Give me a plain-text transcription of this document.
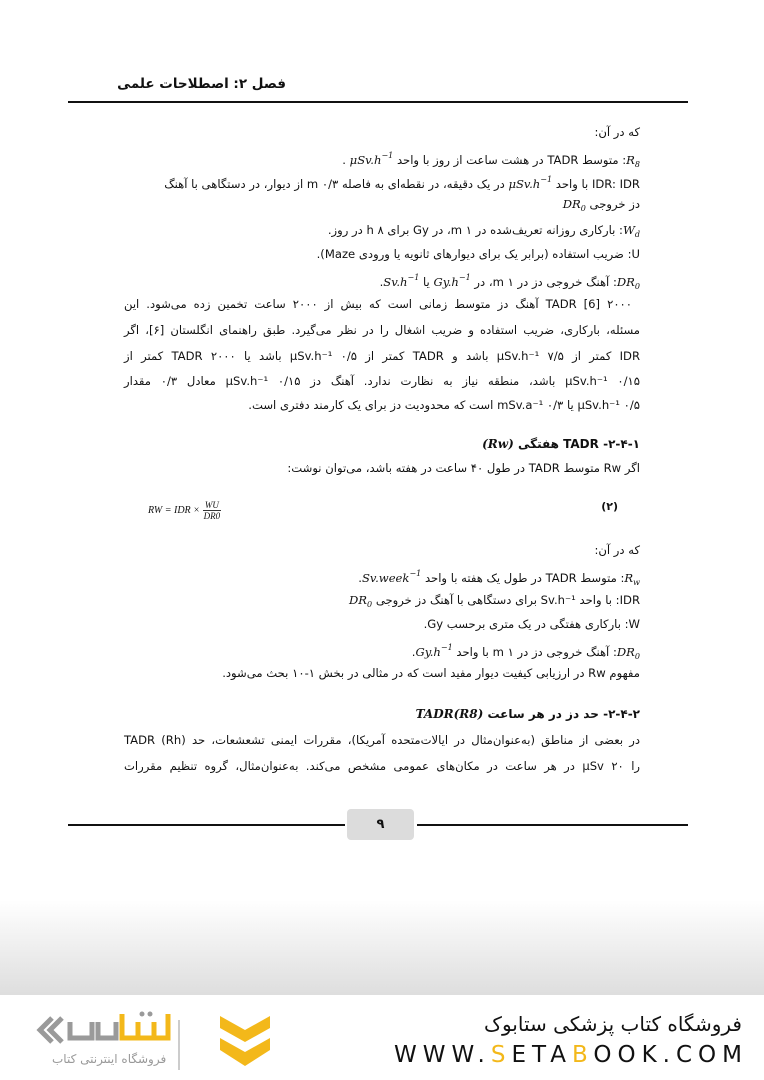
فصل ۲: اصطلاحات علمی
که در آن:
$R_8$: متوسط TADR در هشت ساعت از روز با واحد $\mu Sv.h^{-1}$ .
IDR: IDR با واحد $\mu Sv.h^{-1}$ در یک دقیقه، در نقطه‌ای به فاصله ۰/۳ m از دیوار، در دستگاهی با آهنگ
دز خروجی $DR_0$
$W_d$: بارکاری روزانه تعریف‌شده در ۱ m، در Gy برای ۸ h در روز.
U: ضریب استفاده (برابر یک برای دیوارهای ثانویه یا ورودی Maze).
$DR_0$: آهنگ خروجی دز در ۱ m، در $Gy.h^{-1}$ یا $Sv.h^{-1}$.
۲۰۰۰ TADR [6] آهنگ دز متوسط زمانی است که بیش از ۲۰۰۰ ساعت تخمین زده می‌شود. این
مسئله، بارکاری، ضریب استفاده و ضریب اشغال را در نظر می‌گیرد. طبق راهنمای انگلستان [۶]، اگر
IDR کمتر از ۷/۵ μSv.h⁻¹ باشد و TADR کمتر از ۰/۵ μSv.h⁻¹ باشد یا ۲۰۰۰ TADR کمتر از
۰/۱۵ μSv.h⁻¹ باشد، منطقه نیاز به نظارت ندارد. آهنگ دز ۰/۱۵ μSv.h⁻¹ معادل ۰/۳ مقدار
۰/۵ μSv.h⁻¹ یا ۰/۳ mSv.a⁻¹ است که محدودیت دز برای یک کارمند دفتری است.
۲-۴-۱- TADR هفتگی (Rw)
اگر Rw متوسط TADR در طول ۴۰ ساعت در هفته باشد، می‌توان نوشت:
RW = IDR × $\frac{WU}{DR0}$	(۲)
که در آن:
$R_w$: متوسط TADR در طول یک هفته با واحد Sv.week$^{-1}$.
IDR: با واحد Sv.h⁻¹ برای دستگاهی با آهنگ دز خروجی $DR_0$
W: بارکاری هفتگی در یک متری برحسب Gy.
$DR_0$: آهنگ خروجی دز در ۱ m با واحد $Gy.h^{-1}$.
مفهوم Rw در ارزیابی کیفیت دیوار مفید است که در مثالی در بخش ۱-۱۰ بحث می‌شود.
۲-۴-۲- حد دز در هر ساعت TADR(R8)
در بعضی از مناطق (به‌عنوان‌مثال در ایالات‌متحده آمریکا)، مقررات ایمنی تشعشعات، حد TADR (Rh)
را ۲۰ μSv در هر ساعت در مکان‌های عمومی مشخص می‌کند. به‌عنوان‌مثال، گروه تنظیم مقررات
۹
فروشگاه اینترنتی کتاب
فروشگاه کتاب پزشکی ستابوک
WWW.SETABOOK.COM
